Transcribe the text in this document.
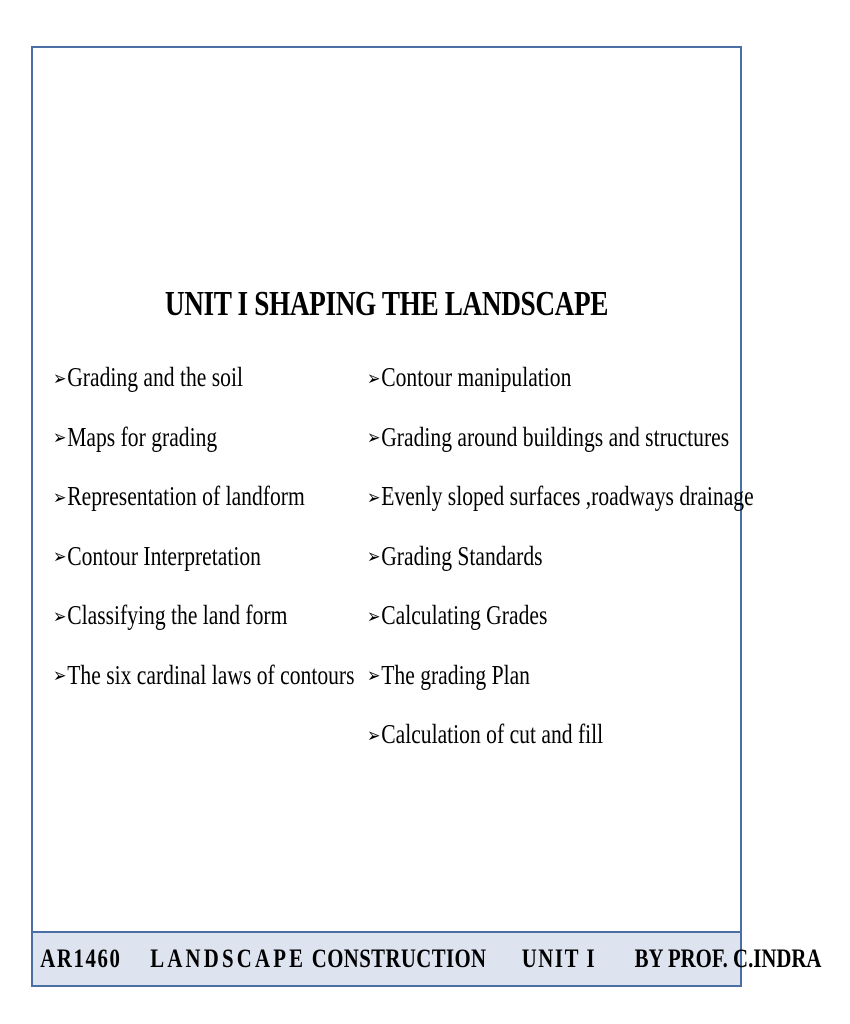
UNIT I SHAPING THE LANDSCAPE
➢ Grading and the soil
➢ Maps for grading
➢ Representation of landform
➢ Contour Interpretation
➢ Classifying the land form
➢ The six cardinal laws of contours
➢ Contour manipulation
➢ Grading around buildings and structures
➢ Evenly sloped surfaces ,roadways drainage
➢ Grading Standards
➢ Calculating Grades
➢ The grading Plan
➢ Calculation of cut and fill
AR1460 LANDSCAPE CONSTRUCTION UNIT I BY PROF. C.INDRA
